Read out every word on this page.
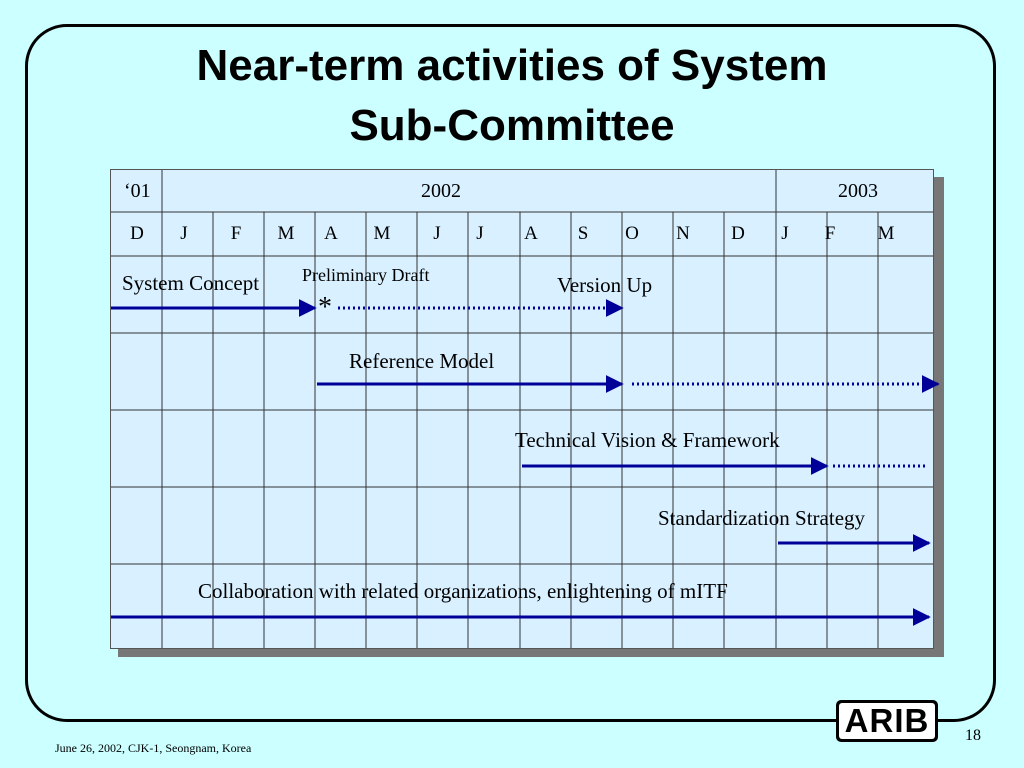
Near-term activities of System
Sub-Committee
‘01	2002	2003
D	J	F	M	A	M	J	J	A	S	O	N	D	J	F	M
System Concept Preliminary Draft
*
Version Up
Reference Model
Technical Vision & Framework
Standardization Strategy
Collaboration with related organizations, enlightening of mITF
ARIB	18
June 26, 2002, CJK-1, Seongnam, Korea
